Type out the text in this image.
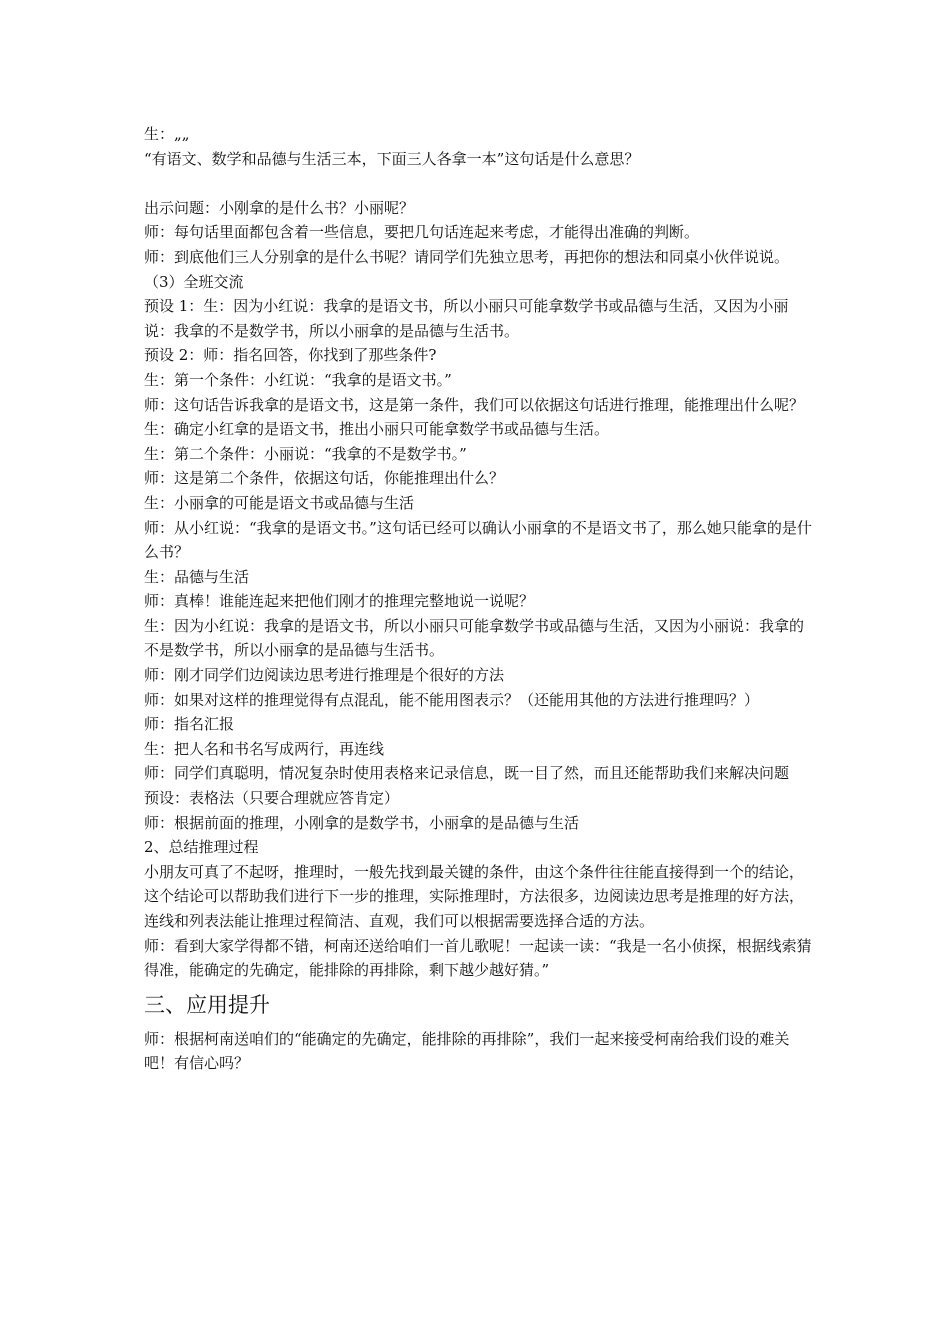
生：„„

“有语文、数学和品德与生活三本，下面三人各拿一本”这句话是什么意思？

出示问题：小刚拿的是什么书？小丽呢？

师：每句话里面都包含着一些信息，要把几句话连起来考虑，才能得出准确的判断。

师：到底他们三人分别拿的是什么书呢？请同学们先独立思考，再把你的想法和同桌小伙伴说说。

（3）全班交流

预设 1：生：因为小红说：我拿的是语文书，所以小丽只可能拿数学书或品德与生活，又因为小丽说：我拿的不是数学书，所以小丽拿的是品德与生活书。

预设 2：师：指名回答，你找到了那些条件?

生：第一个条件：小红说：“我拿的是语文书。”

师：这句话告诉我拿的是语文书，这是第一条件，我们可以依据这句话进行推理，能推理出什么呢？

生：确定小红拿的是语文书，推出小丽只可能拿数学书或品德与生活。

生：第二个条件：小丽说：“我拿的不是数学书。”

师：这是第二个条件，依据这句话，你能推理出什么？

生：小丽拿的可能是语文书或品德与生活

师：从小红说：“我拿的是语文书。”这句话已经可以确认小丽拿的不是语文书了，那么她只能拿的是什么书？

生：品德与生活

师：真棒！谁能连起来把他们刚才的推理完整地说一说呢？

生：因为小红说：我拿的是语文书，所以小丽只可能拿数学书或品德与生活，又因为小丽说：我拿的不是数学书，所以小丽拿的是品德与生活书。

师：刚才同学们边阅读边思考进行推理是个很好的方法

师：如果对这样的推理觉得有点混乱，能不能用图表示？（还能用其他的方法进行推理吗？）

师：指名汇报

生：把人名和书名写成两行，再连线

师：同学们真聪明，情况复杂时使用表格来记录信息，既一目了然，而且还能帮助我们来解决问题

预设：表格法（只要合理就应答肯定）

师：根据前面的推理，小刚拿的是数学书，小丽拿的是品德与生活

2、总结推理过程

小朋友可真了不起呀，推理时，一般先找到最关键的条件，由这个条件往往能直接得到一个的结论，这个结论可以帮助我们进行下一步的推理，实际推理时，方法很多，边阅读边思考是推理的好方法，连线和列表法能让推理过程简洁、直观，我们可以根据需要选择合适的方法。

师：看到大家学得都不错，柯南还送给咱们一首儿歌呢！一起读一读：“我是一名小侦探，根据线索猜得准，能确定的先确定，能排除的再排除，剩下越少越好猜。”

三、应用提升

师：根据柯南送咱们的“能确定的先确定，能排除的再排除”，我们一起来接受柯南给我们设的难关吧！有信心吗？
